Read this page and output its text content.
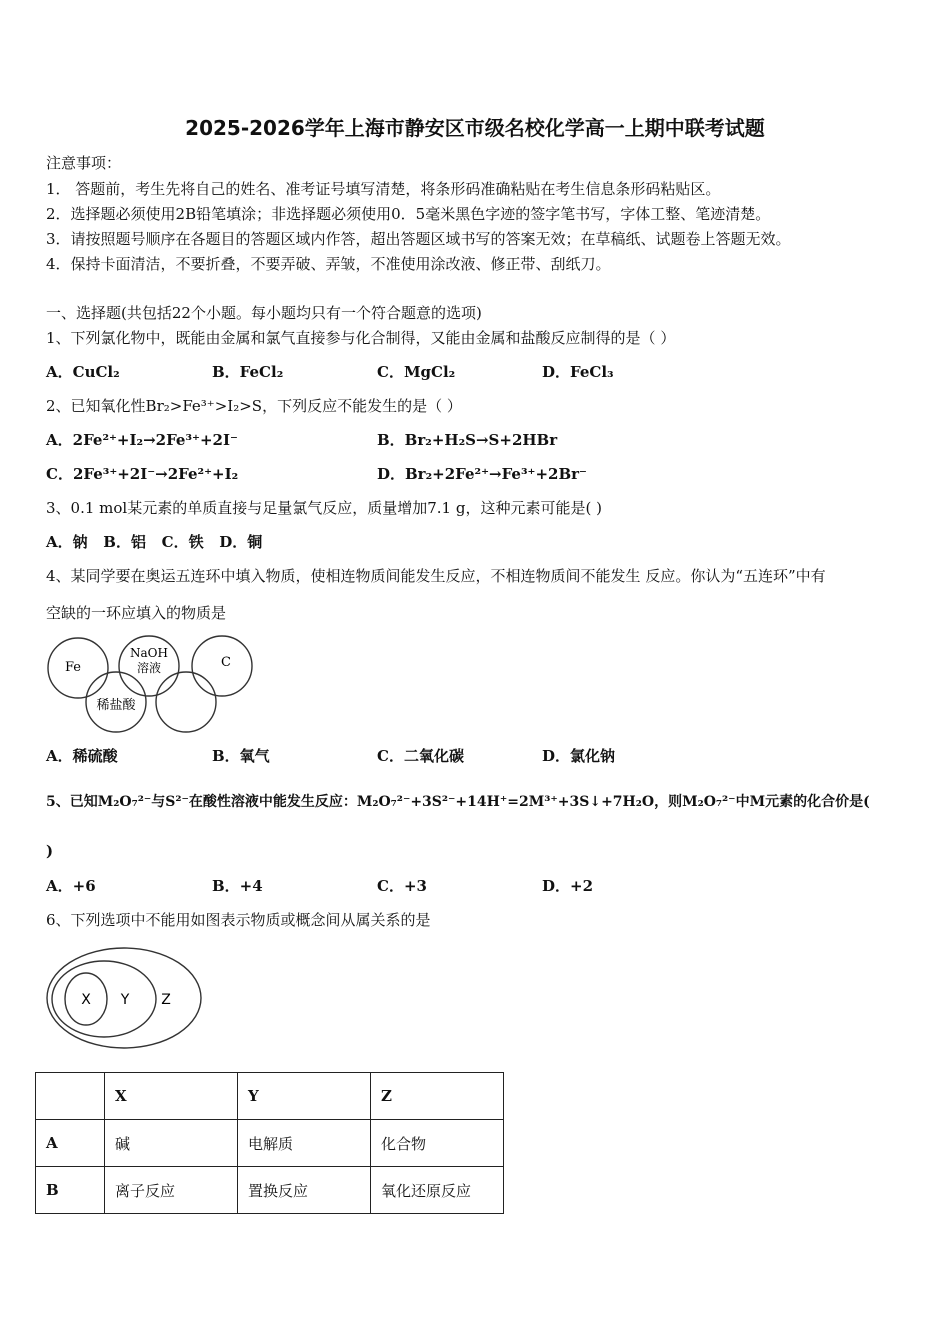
2025-2026学年上海市静安区市级名校化学高一上期中联考试题
注意事项：
1． 答题前，考生先将自己的姓名、准考证号填写清楚，将条形码准确粘贴在考生信息条形码粘贴区。
2．选择题必须使用2B铅笔填涂；非选择题必须使用0．5毫米黑色字迹的签字笔书写，字体工整、笔迹清楚。
3．请按照题号顺序在各题目的答题区域内作答，超出答题区域书写的答案无效；在草稿纸、试题卷上答题无效。
4．保持卡面清洁，不要折叠，不要弄破、弄皱，不准使用涂改液、修正带、刮纸刀。
一、选择题(共包括22个小题。每小题均只有一个符合题意的选项)
1、下列氯化物中，既能由金属和氯气直接参与化合制得，又能由金属和盐酸反应制得的是（ ）
A．CuCl₂	B．FeCl₂	C．MgCl₂	D．FeCl₃
2、已知氧化性Br₂>Fe³⁺>I₂>S，下列反应不能发生的是（ ）
A．2Fe²⁺+I₂→2Fe³⁺+2I⁻	B．Br₂+H₂S→S+2HBr
C．2Fe³⁺+2I⁻→2Fe²⁺+I₂	D．Br₂+2Fe²⁺→Fe³⁺+2Br⁻
3、0.1 mol某元素的单质直接与足量氯气反应，质量增加7.1 g，这种元素可能是( )
A．钠   B．铝   C．铁   D．铜
4、某同学要在奥运五连环中填入物质，使相连物质间能发生反应，不相连物质间不能发生 反应。你认为“五连环”中有
空缺的一环应填入的物质是
Fe
NaOH
溶液	C
稀盐酸
A．稀硫酸	B．氧气	C．二氧化碳	D．氯化钠
5、已知M₂O₇²⁻与S²⁻在酸性溶液中能发生反应：M₂O₇²⁻+3S²⁻+14H⁺=2M³⁺+3S↓+7H₂O，则M₂O₇²⁻中M元素的化合价是(
)
A．+6	B．+4	C．+3	D．+2
6、下列选项中不能用如图表示物质或概念间从属关系的是
X Y Z
	X	Y	Z
A	碱	电解质	化合物
B	离子反应	置换反应	氧化还原反应
